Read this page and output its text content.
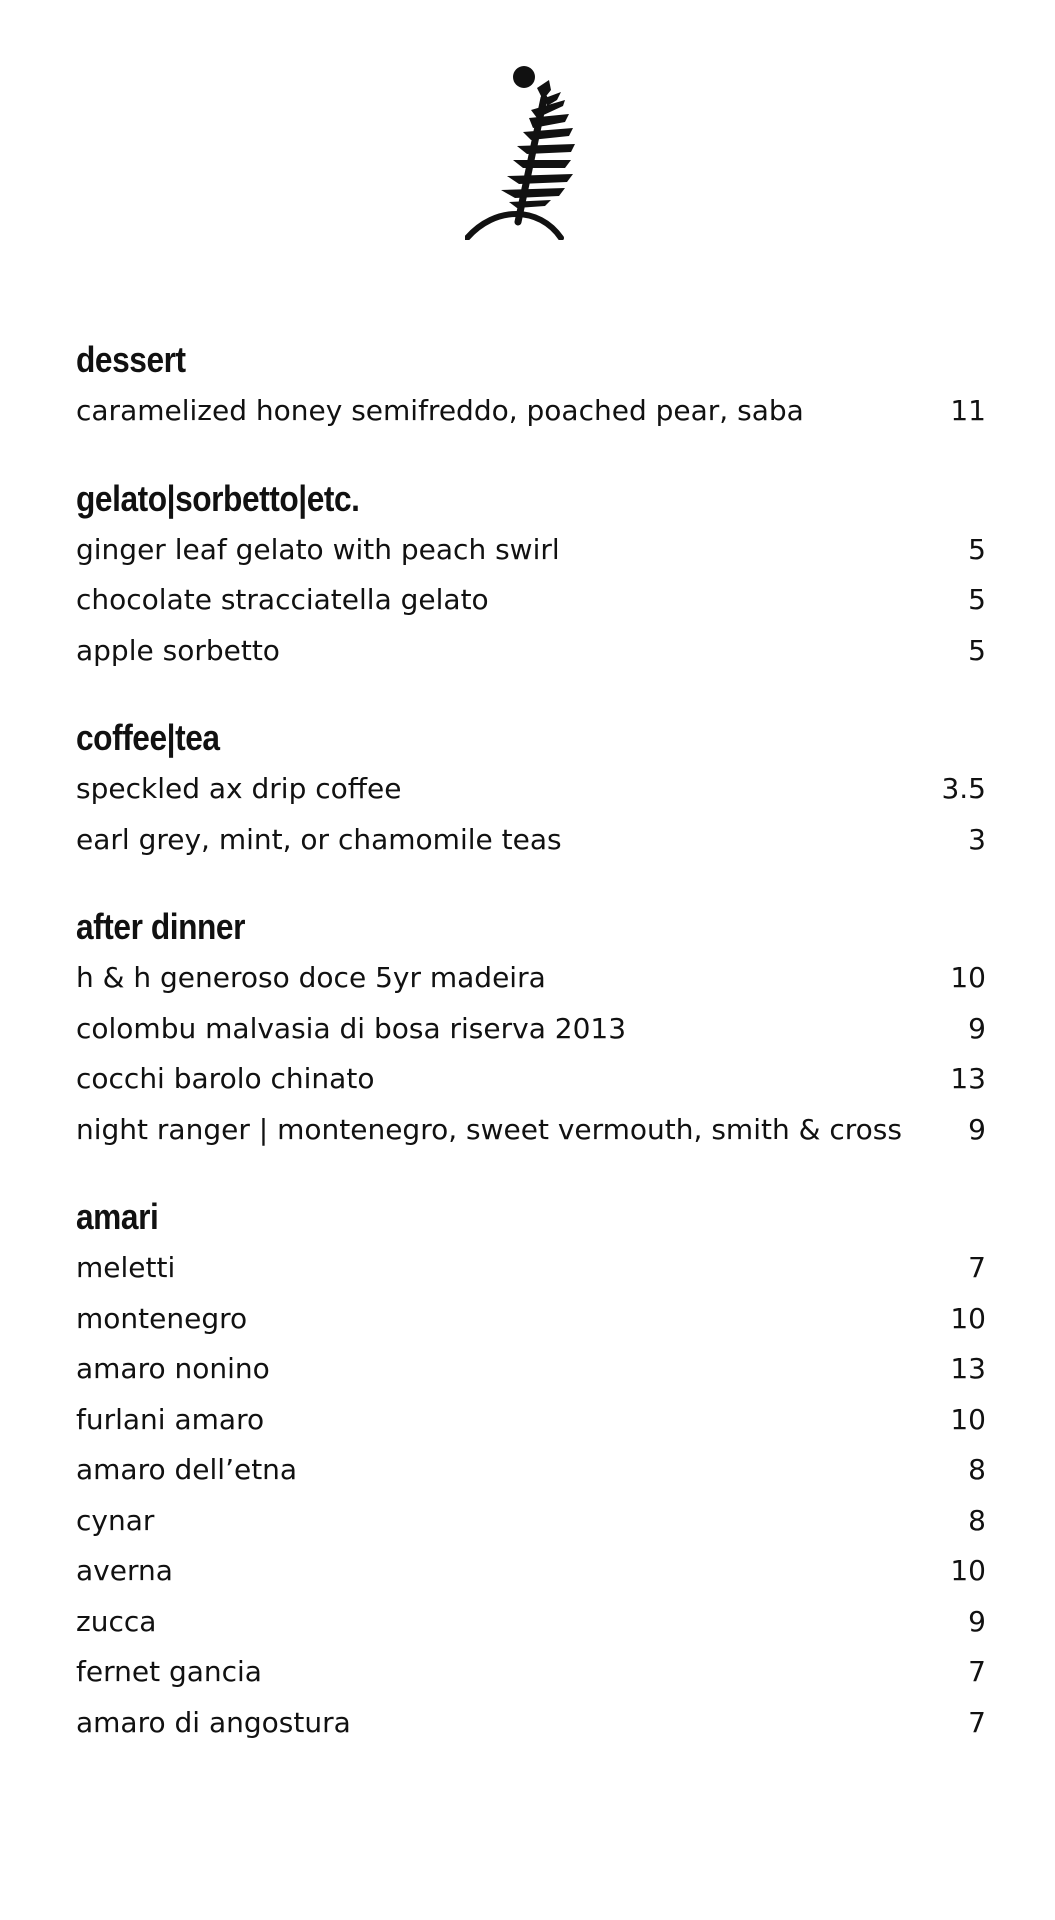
dessert
caramelized honey semifreddo, poached pear, saba	11
gelato|sorbetto|etc.
ginger leaf gelato with peach swirl	5
chocolate stracciatella gelato	5
apple sorbetto	5
coffee|tea
speckled ax drip coffee	3.5
earl grey, mint, or chamomile teas	3
after dinner
h & h generoso doce 5yr madeira	10
colombu malvasia di bosa riserva 2013	9
cocchi barolo chinato	13
night ranger | montenegro, sweet vermouth, smith & cross 9
amari
meletti	7
montenegro	10
amaro nonino	13
furlani amaro	10
amaro dell’etna	8
cynar	8
averna	10
zucca	9
fernet gancia	7
amaro di angostura	7
